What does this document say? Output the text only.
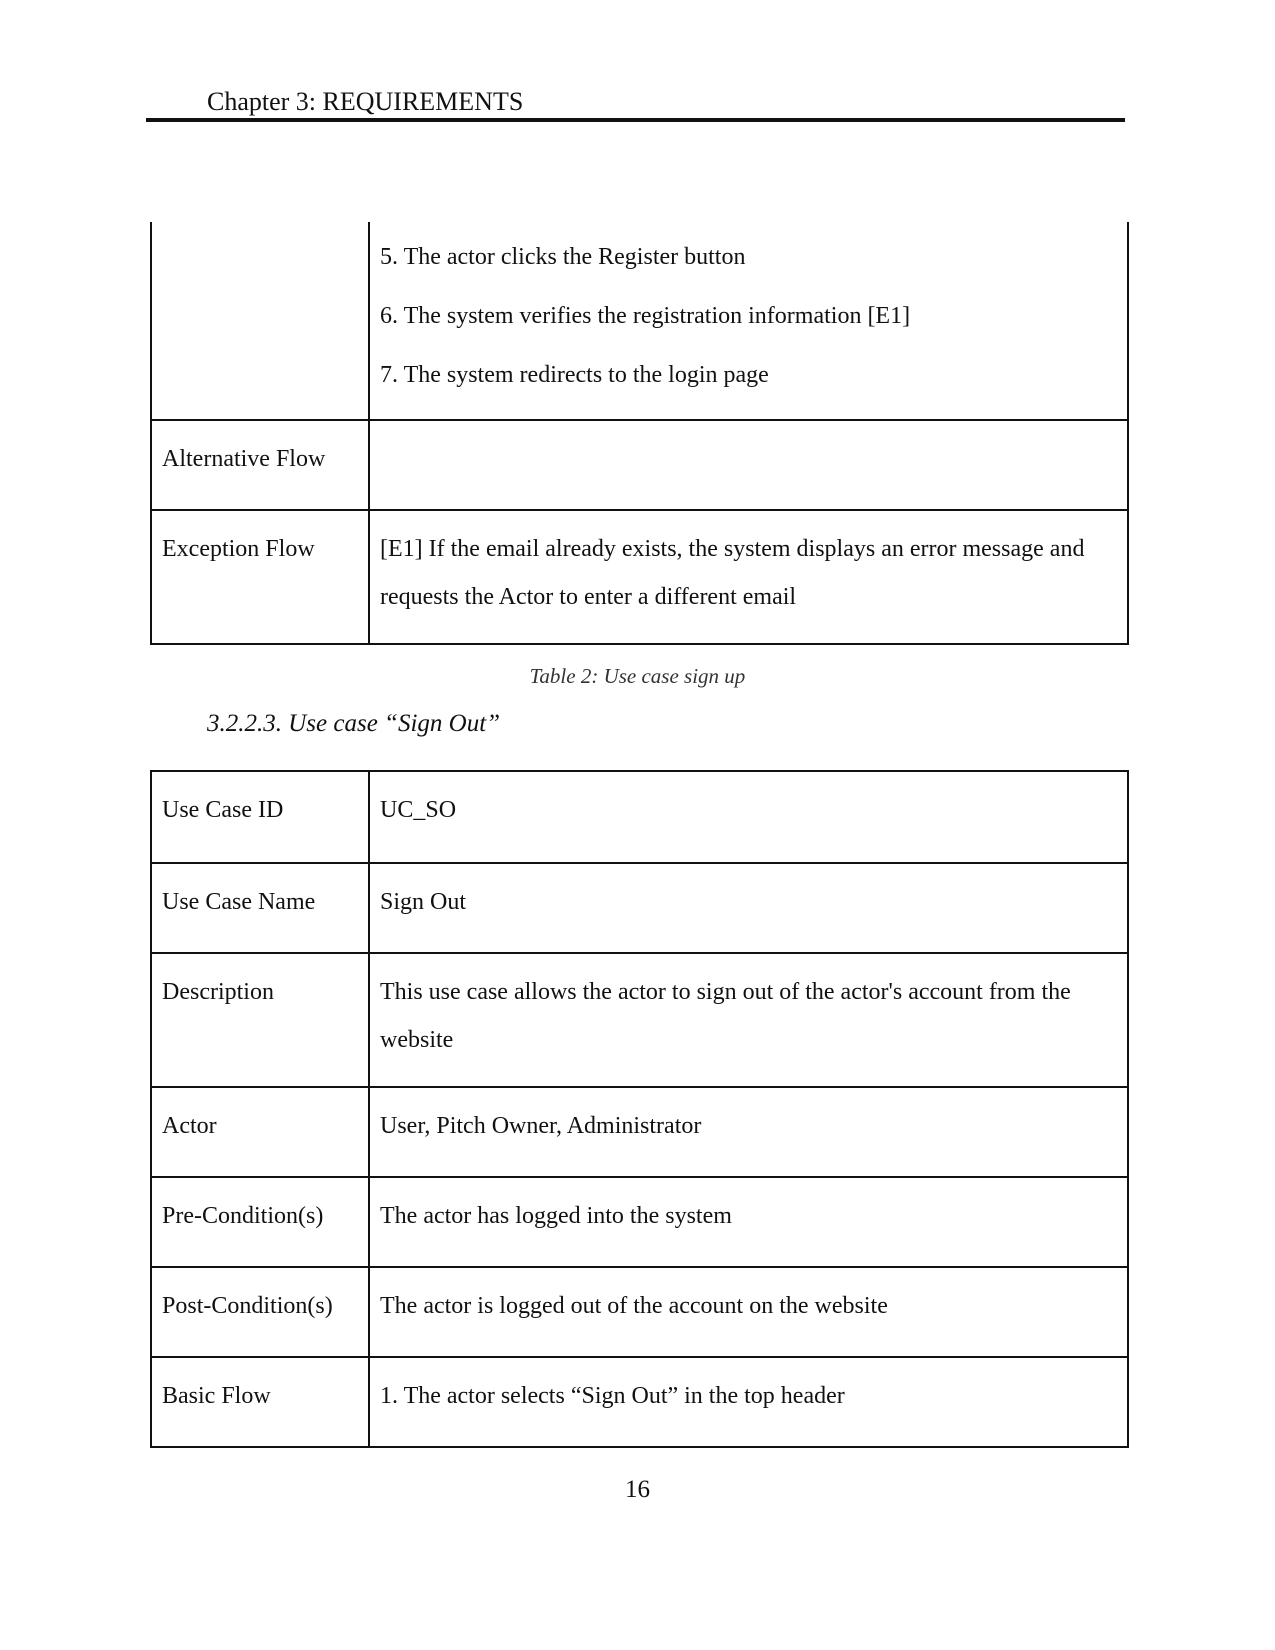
Chapter 3: REQUIREMENTS

	5. The actor clicks the Register button
6. The system verifies the registration information [E1]
7. The system redirects to the login page

Alternative Flow	
Exception Flow	[E1] If the email already exists, the system displays an error message and requests the Actor to enter a different email
Table 2: Use case sign up
3.2.2.3. Use case “Sign Out”
Use Case ID	UC_SO
Use Case Name	Sign Out
Description	This use case allows the actor to sign out of the actor's account from the website
Actor	User, Pitch Owner, Administrator
Pre-Condition(s)	The actor has logged into the system
Post-Condition(s)	The actor is logged out of the account on the website
Basic Flow	1. The actor selects “Sign Out” in the top header
16
